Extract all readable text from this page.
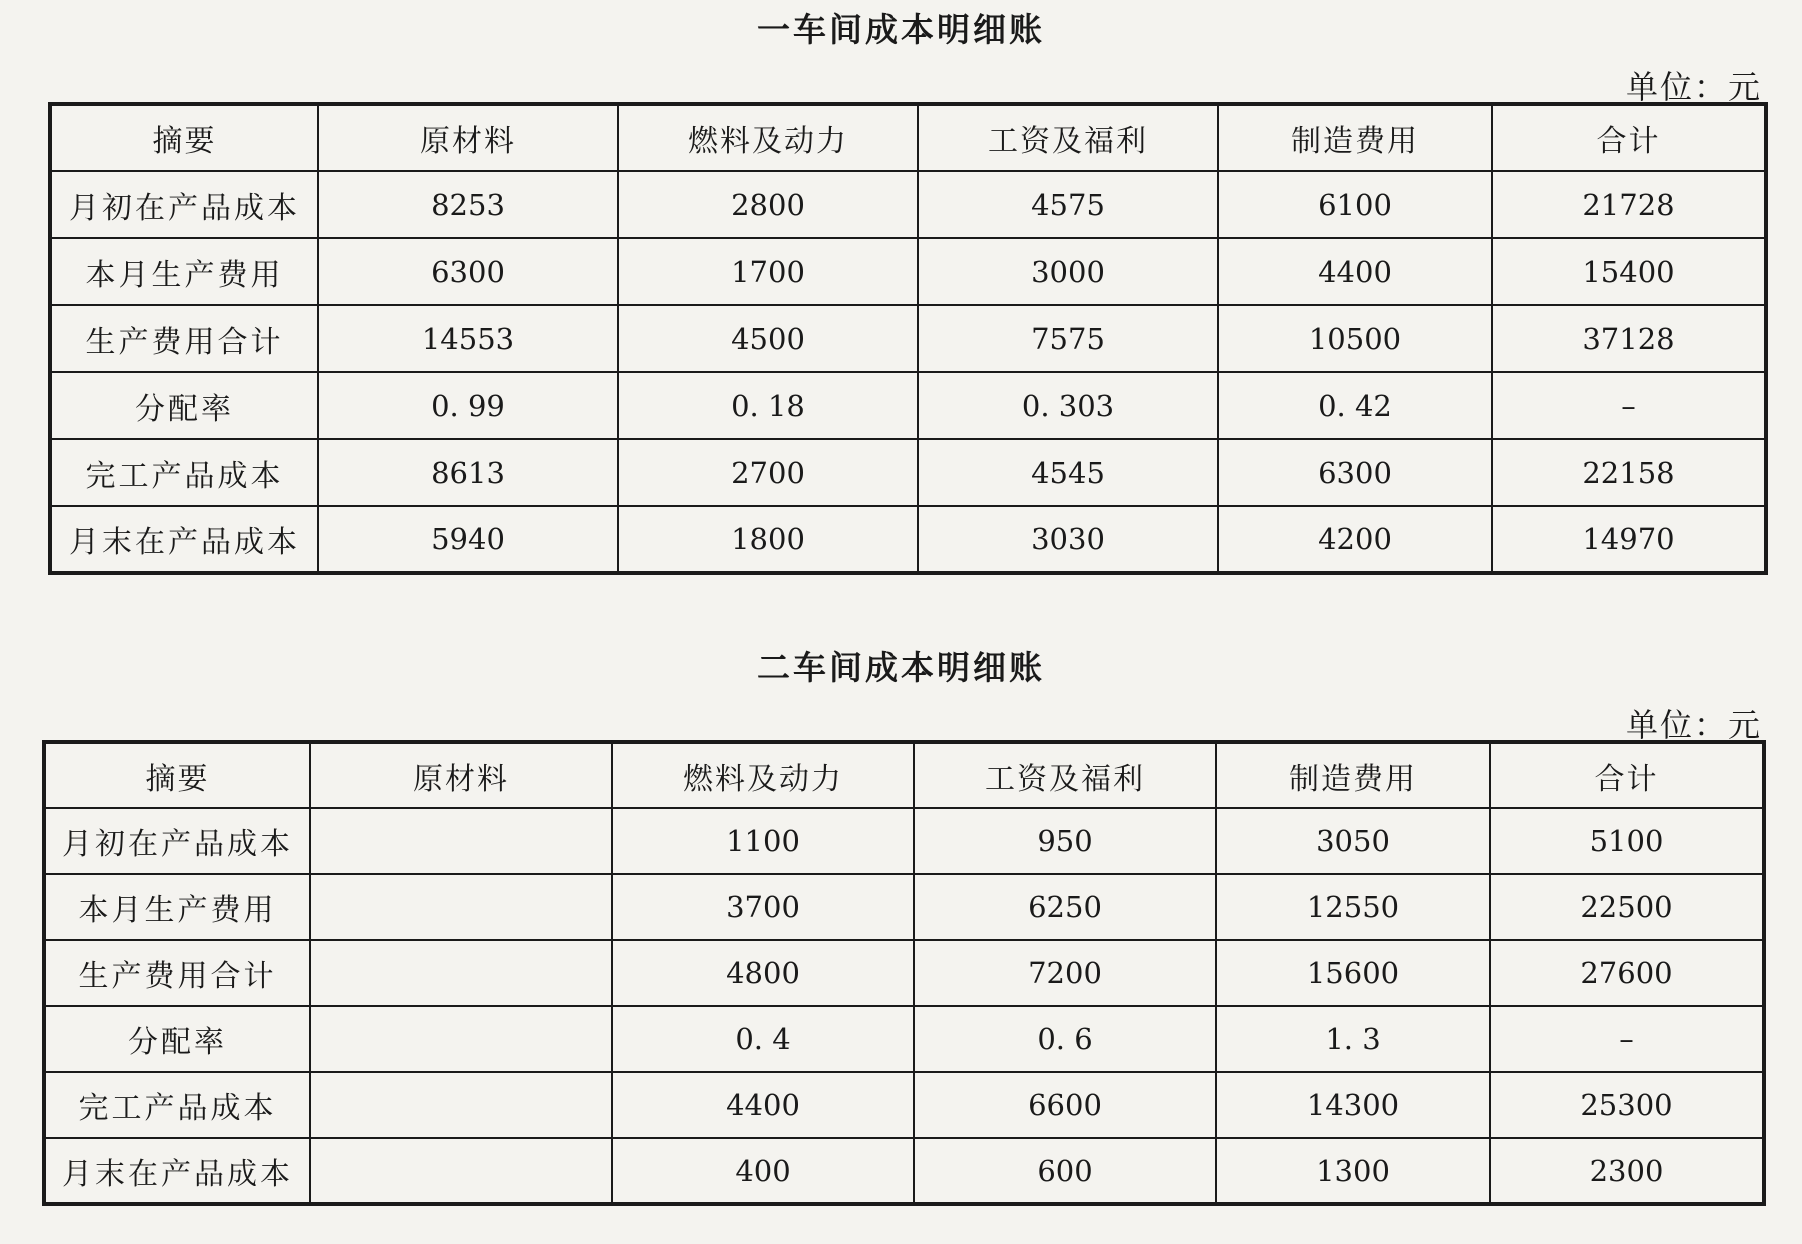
一车间成本明细账
单位：元
摘要	原材料	燃料及动力	工资及福利	制造费用	合计
月初在产品成本	8253	2800	4575	6100	21728
本月生产费用	6300	1700	3000	4400	15400
生产费用合计	14553	4500	7575	10500	37128
分配率	0. 99	0. 18	0. 303	0. 42	–
完工产品成本	8613	2700	4545	6300	22158
月末在产品成本	5940	1800	3030	4200	14970
二车间成本明细账
单位：元
摘要	原材料	燃料及动力	工资及福利	制造费用	合计
月初在产品成本		1100	950	3050	5100
本月生产费用		3700	6250	12550	22500
生产费用合计		4800	7200	15600	27600
分配率		0. 4	0. 6	1. 3	–
完工产品成本		4400	6600	14300	25300
月末在产品成本		400	600	1300	2300
